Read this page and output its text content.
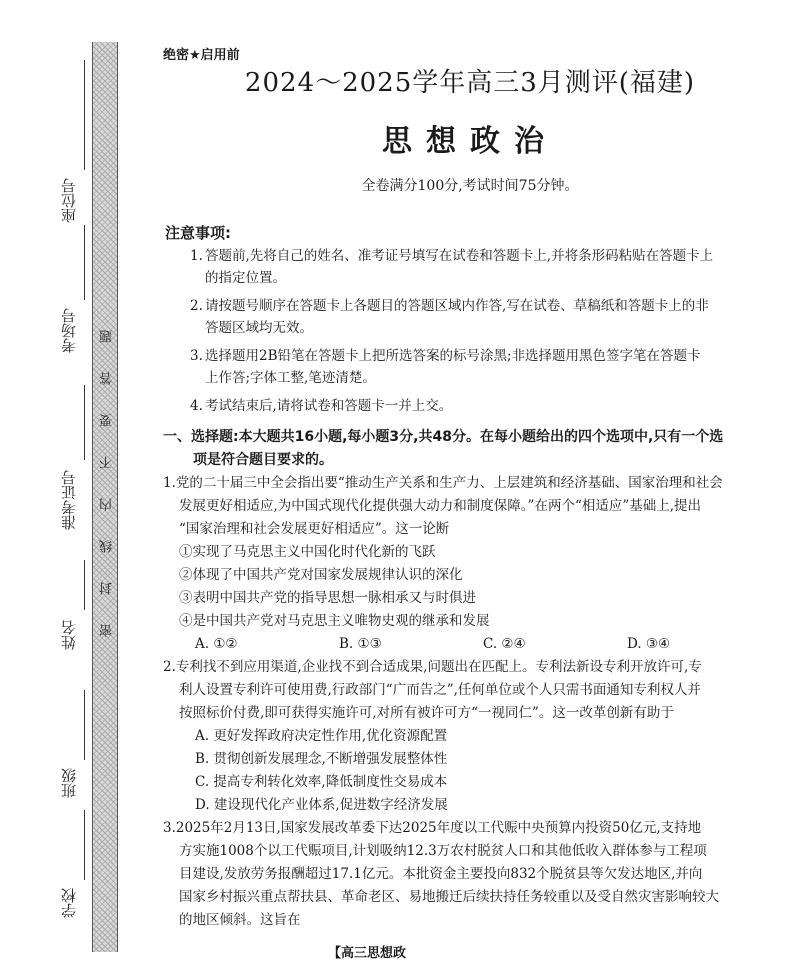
题
答
要
不
内
线
封
密
座位号
考场号
准考证号
姓名
班级
学校
绝密★启用前
2024～2025学年高三3月测评(福建)
思想政治
全卷满分100分,考试时间75分钟。
注意事项:
1. 答题前,先将自己的姓名、准考证号填写在试卷和答题卡上,并将条形码粘贴在答题卡上
的指定位置。
2. 请按题号顺序在答题卡上各题目的答题区域内作答,写在试卷、草稿纸和答题卡上的非
答题区域均无效。
3. 选择题用2B铅笔在答题卡上把所选答案的标号涂黑;非选择题用黑色签字笔在答题卡
上作答;字体工整,笔迹清楚。
4. 考试结束后,请将试卷和答题卡一并上交。
一、选择题:本大题共16小题,每小题3分,共48分。在每小题给出的四个选项中,只有一个选
项是符合题目要求的。
1.党的二十届三中全会指出要“推动生产关系和生产力、上层建筑和经济基础、国家治理和社会
发展更好相适应,为中国式现代化提供强大动力和制度保障。”在两个“相适应”基础上,提出
“国家治理和社会发展更好相适应”。这一论断
①实现了马克思主义中国化时代化新的飞跃
②体现了中国共产党对国家发展规律认识的深化
③表明中国共产党的指导思想一脉相承又与时俱进
④是中国共产党对马克思主义唯物史观的继承和发展
A. ①②	B. ①③	C. ②④	D. ③④
2.专利找不到应用渠道,企业找不到合适成果,问题出在匹配上。专利法新设专利开放许可,专
利人设置专利许可使用费,行政部门“广而告之”,任何单位或个人只需书面通知专利权人并
按照标价付费,即可获得实施许可,对所有被许可方“一视同仁”。这一改革创新有助于
A. 更好发挥政府决定性作用,优化资源配置
B. 贯彻创新发展理念,不断增强发展整体性
C. 提高专利转化效率,降低制度性交易成本
D. 建设现代化产业体系,促进数字经济发展
3.2025年2月13日,国家发展改革委下达2025年度以工代赈中央预算内投资50亿元,支持地
方实施1008个以工代赈项目,计划吸纳12.3万农村脱贫人口和其他低收入群体参与工程项
目建设,发放劳务报酬超过17.1亿元。本批资金主要投向832个脱贫县等欠发达地区,并向
国家乡村振兴重点帮扶县、革命老区、易地搬迁后续扶持任务较重以及受自然灾害影响较大
的地区倾斜。这旨在
【高三思想政
